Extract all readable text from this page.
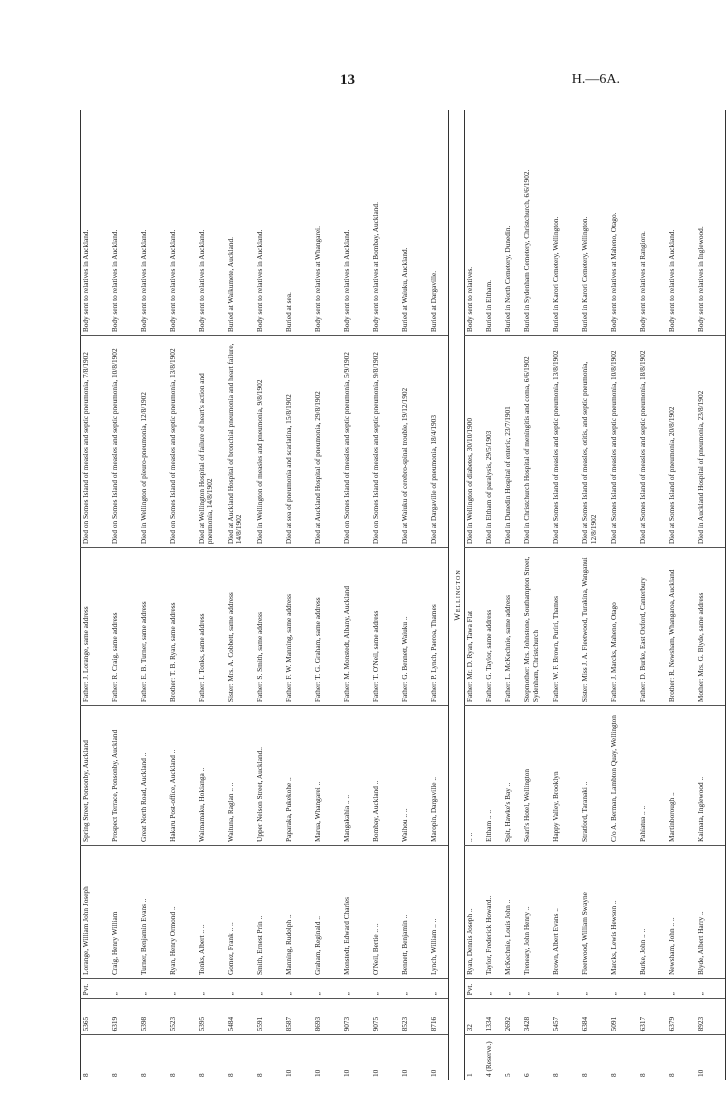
13	H.—6A.
8	5365	Pvt.	Lorange, William John Joseph	Spring Street, Ponsonby, Auckland	Father: J. Lorange, same address	Died on Somes Island of measles and septic pneumonia, 7/8/1902	Body sent to relatives in Auckland.
8	6319	„	Craig, Henry William	Prospect Terrace, Ponsonby, Auckland	Father: R. Craig, same address	Died on Somes Island of measles and septic pneumonia, 10/8/1902	Body sent to relatives in Auckland.
8	5398	„	Turner, Benjamin Evans ..	Great North Road, Auckland ..	Father: E. B. Turner, same address	Died in Wellington of pleuro-pneumonia, 12/8/1902	Body sent to relatives in Auckland.
8	5523	„	Ryan, Henry Ormond ..	Hakaru Post-office, Auckland ..	Brother: T. B. Ryan, same address	Died on Somes Island of measles and septic pneumonia, 13/8/1902	Body sent to relatives in Auckland.
8	5395	„	Tonks, Albert .. ..	Waimamaku, Hokianga ..	Father: I. Tonks, same address	Died at Wellington Hospital of failure of heart's action and pneumonia, 14/8/1902	Body sent to relatives in Auckland.
8	5484	„	Gomez, Frank .. ..	Waituna, Raglan .. ..	Sister: Mrs. A. Cobbett, same address	Died at Auckland Hospital of bronchial pneumonia and heart failure, 14/8/1902	Buried at Waikumete, Auckland.
8	5591	„	Smith, Ernest Prin ..	Upper Nelson Street, Auckland..	Father: S. Smith, same address	Died in Wellington of measles and pneumonia, 9/8/1902	Body sent to relatives in Auckland.
10	8587	„	Manning, Rudolph ..	Paparaka, Pukekohe ..	Father: F. W. Manning, same address	Died at sea of pneumonia and scarlatina, 15/8/1902	Buried at sea.
10	8693	„	Graham, Reginald ..	Maruа, Whangarei ..	Father: T. G. Graham, same address	Died at Auckland Hospital of pneumonia, 29/8/1902	Body sent to relatives at Whangarei.
10	9073	„	Monstedt, Edward Charles	Mangakahia .. ..	Father: M. Monstedt, Albany, Auckland	Died on Somes Island of measles and septic pneumonia, 5/9/1902	Body sent to relatives in Auckland.
10	9075	„	O'Neil, Bertie .. ..	Bombay, Auckland ..	Father: T. O'Neil, same address	Died on Somes Island of measles and septic pneumonia, 9/8/1902	Body sent to relatives at Bombay, Auckland.
10	8523	„	Bennett, Benjamin ..	Waihou .. ..	Father: G. Bennett, Waiuku ..	Died at Waiuku of cerebro-spinal trouble, 19/12/1902	Buried at Waiuku, Auckland.
10	8716	„	Lynch, William .. ..	Maropin, Dargaville ..	Father: P. Lynch, Paeroa, Thames	Died at Dargaville of pneumonia, 18/4/1903	Buried at Dargaville.
Wellington							
1	32	Pvt.	Ryan, Dennis Joseph ..	.. ..	Father: Mr. D. Ryan, Tawa Flat	Died in Wellington of diabetes, 30/10/1900	Body sent to relatives.
4 (Reserve.)	1334	„	Taylor, Frederick Howard..	Eltham .. ..	Father: G. Taylor, same address	Died in Eltham of paralysis, 29/5/1903	Buried in Eltham.
5	2692	„	McKechnie, Louis John ..	Spit, Hawke's Bay ..	Father: L. McKechnie, same address	Died in Dunedin Hospital of enteric, 23/7/1901	Buried in North Cemetery, Dunedin.
6	3428	„	Treneary, John Henry ..	Searl's Hotel, Wellington	Stepmother: Mrs. Johnstone, Southampton Street, Sydenham, Christchurch	Died in Christchurch Hospital of meningitis and coma, 6/6/1902	Buried in Sydenham Cemetery, Christchurch, 6/6/1902.
8	5457	„	Brown, Albert Evans ..	Happy Valley, Brooklyn	Father: W. F. Brown, Puriri, Thames	Died at Somes Island of measles and septic pneumonia, 13/8/1902	Buried in Karori Cemetery, Wellington.
8	6384	„	Fleetwood, William Swayne	Stratford, Taranaki ..	Sister: Miss J. A. Fleetwood, Turakina, Wanganui	Died at Somes Island of measles, otitis, and septic pneumonia, 12/8/1902	Buried in Karori Cemetery, Wellington.
8	5091	„	Marcks, Lewis Hewson ..	C/o A. Berman, Lambton Quay, Wellington	Father: J. Marcks, Maheno, Otago	Died at Somes Island of measles and septic pneumonia, 10/8/1902	Body sent to relatives at Maheno, Otago.
8	6317	„	Burke, John .. ..	Pahiatua .. ..	Father: D. Burke, East Oxford, Canterbury	Died at Somes Island of measles and septic pneumonia, 18/8/1902	Body sent to relatives at Rangiora.
8	6379	„	Newsham, John .. ..	Martinborough ..	Brother: R. Newsham, Whangaroa, Auckland	Died at Somes Island of pneumonia, 20/8/1902	Body sent to relatives in Auckland.
10	8923	„	Blyde, Albert Harry ..	Kaimata, Inglewood ..	Mother: Mrs. G. Blyde, same address	Died in Auckland Hospital of pneumonia, 23/8/1902	Body sent to relatives in Inglewood.
